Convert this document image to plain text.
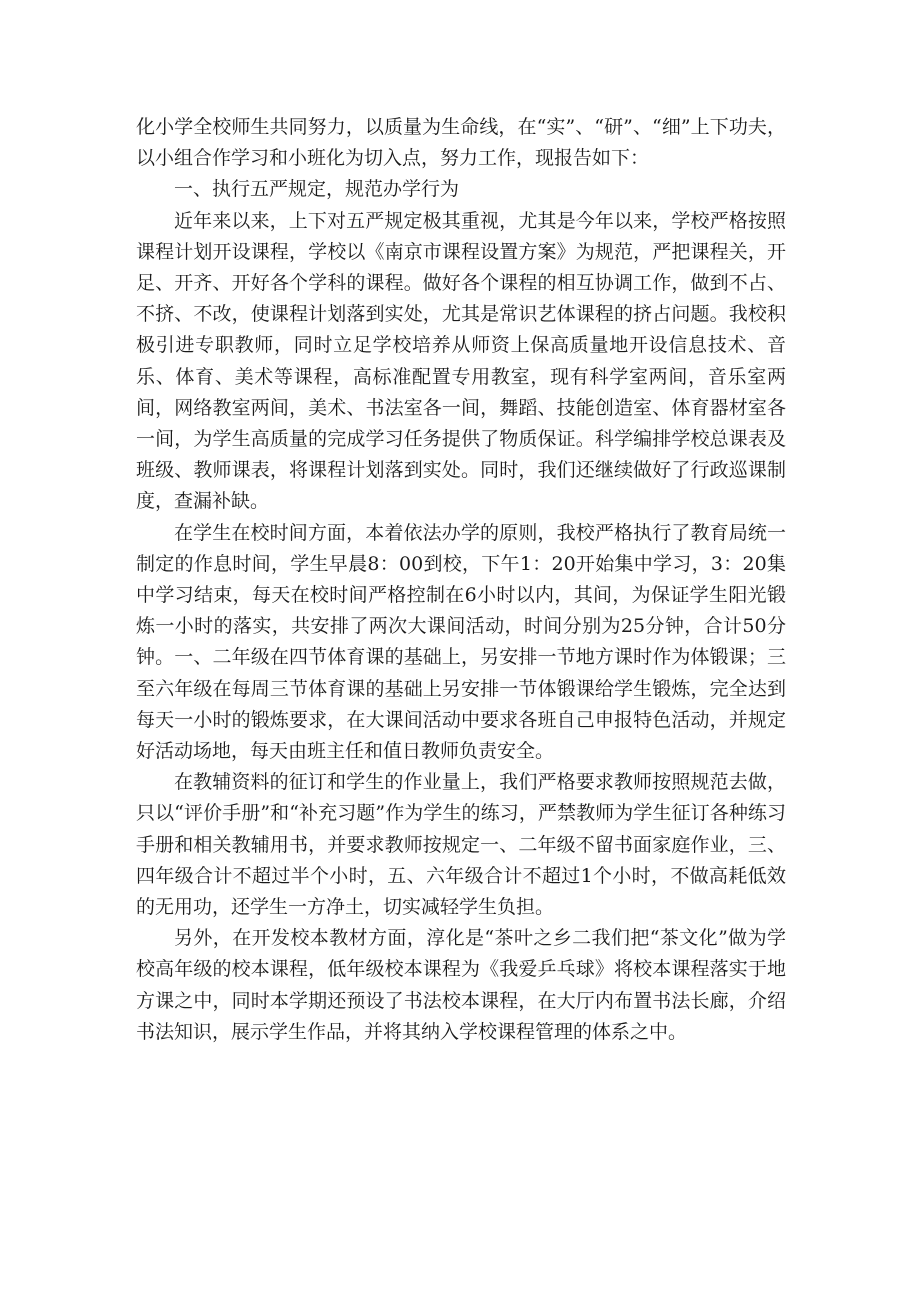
化小学全校师生共同努力，以质量为生命线，在“实”、“研”、“细”上下功夫，以小组合作学习和小班化为切入点，努力工作，现报告如下：

一、执行五严规定，规范办学行为

近年来以来，上下对五严规定极其重视，尤其是今年以来，学校严格按照课程计划开设课程，学校以《南京市课程设置方案》为规范，严把课程关，开足、开齐、开好各个学科的课程。做好各个课程的相互协调工作，做到不占、不挤、不改，使课程计划落到实处，尤其是常识艺体课程的挤占问题。我校积极引进专职教师，同时立足学校培养从师资上保高质量地开设信息技术、音乐、体育、美术等课程，高标准配置专用教室，现有科学室两间，音乐室两间，网络教室两间，美术、书法室各一间，舞蹈、技能创造室、体育器材室各一间，为学生高质量的完成学习任务提供了物质保证。科学编排学校总课表及班级、教师课表，将课程计划落到实处。同时，我们还继续做好了行政巡课制度，查漏补缺。

在学生在校时间方面，本着依法办学的原则，我校严格执行了教育局统一制定的作息时间，学生早晨8：00到校，下午1：20开始集中学习，3：20集中学习结束，每天在校时间严格控制在6小时以内，其间，为保证学生阳光锻炼一小时的落实，共安排了两次大课间活动，时间分别为25分钟，合计50分钟。一、二年级在四节体育课的基础上，另安排一节地方课时作为体锻课；三至六年级在每周三节体育课的基础上另安排一节体锻课给学生锻炼，完全达到每天一小时的锻炼要求，在大课间活动中要求各班自己申报特色活动，并规定好活动场地，每天由班主任和值日教师负责安全。

在教辅资料的征订和学生的作业量上，我们严格要求教师按照规范去做，只以“评价手册”和“补充习题”作为学生的练习，严禁教师为学生征订各种练习手册和相关教辅用书，并要求教师按规定一、二年级不留书面家庭作业，三、四年级合计不超过半个小时，五、六年级合计不超过1个小时，不做高耗低效的无用功，还学生一方净土，切实减轻学生负担。

另外，在开发校本教材方面，淳化是“茶叶之乡二我们把“茶文化”做为学校高年级的校本课程，低年级校本课程为《我爱乒乓球》将校本课程落实于地方课之中，同时本学期还预设了书法校本课程，在大厅内布置书法长廊，介绍书法知识，展示学生作品，并将其纳入学校课程管理的体系之中。
